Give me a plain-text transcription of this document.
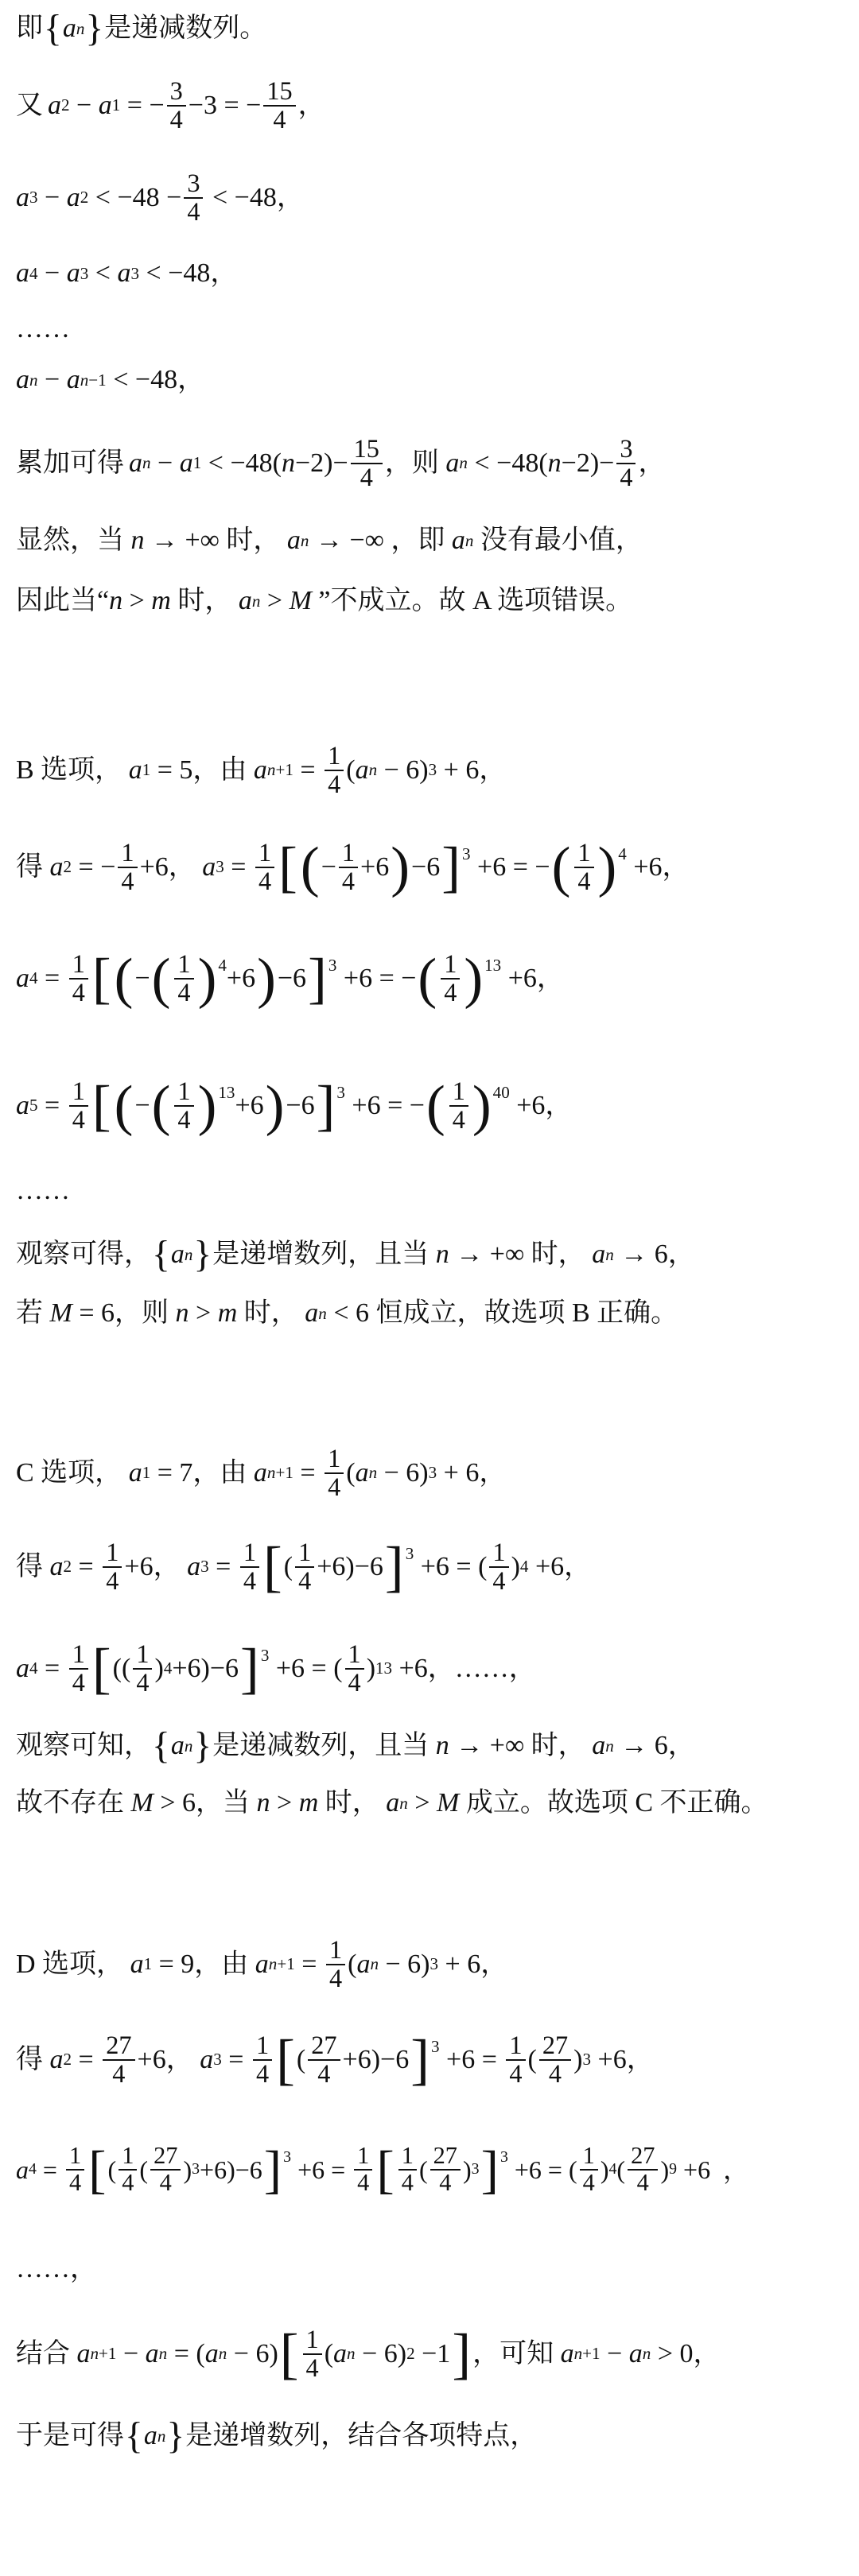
即 { a n } 是递减数列。
又 a 2 − a 1 = − $\frac{3}{4} -3$ = − $\frac{15}{4}$ ，
a 3 − a $2 < -48 - \frac{3}{4} < -48$，
a 4 − a 3 < a 3 < −48，
……
a n − a n−1 < −48，
累加可得 a n − a $1 < -48(n-2)- \frac{15}{4}$ ，则 a $n < -48(n-2)- \frac{3}{4}$ ，
显然，当 n → +∞ 时， a n → −∞ ，即 a n 没有最小值，
因此当“ n > m 时， a n > M ”不成立。故 A 选项错误。
B 选项， a 1 = 5，由 a $n+1 = \frac{1}{4} (a$ n − 6) 3 + 6，
得 a 2 = − $\frac{1}{4} +6$， a $3 = \frac{1}{4}$ [ ( − $\frac{1}{4} +6$ ) −6 ] 3 +6 = − ( $\frac{1}{4}$ ) 4 +6，
a $4 = \frac{1}{4}$ [ ( − ( $\frac{1}{4}$ ) 4 +6 ) −6 ] 3 +6 = − ( $\frac{1}{4}$ ) 13 +6，
a $5 = \frac{1}{4}$ [ ( − ( $\frac{1}{4}$ ) 13 +6 ) −6 ] 3 +6 = − ( $\frac{1}{4}$ ) 40 +6，
……
观察可得， { a n } 是递增数列，且当 n → +∞ 时， a n → 6，
若 M = 6，则 n > m 时， a n < 6 恒成立，故选项 B 正确。
C 选项， a 1 = 7，由 a $n+1 = \frac{1}{4} (a$ n − 6) 3 + 6，
得 a $2 = \frac{1}{4} +6$， a $3 = \frac{1}{4}$ [ ( $\frac{1}{4} +6)-6$ ] 3 +6 = ( $\frac{1}{4}$ ) 4 +6，
a $4 = \frac{1}{4}$ [ (( $\frac{1}{4}$ ) 4 +6)−6 ] 3 +6 = ( $\frac{1}{4}$ ) 13 +6，……，
观察可知， { a n } 是递减数列，且当 n → +∞ 时， a n → 6，
故不存在 M > 6，当 n > m 时， a n > M 成立。故选项 C 不正确。
D 选项， a 1 = 9，由 a $n+1 = \frac{1}{4} (a$ n − 6) 3 + 6，
得 a $2 = \frac{27}{4} +6$， a $3 = \frac{1}{4}$ [ ( $\frac{27}{4} +6)-6$ ] $3 +6 = \frac{1}{4}$ ( $\frac{27}{4}$ ) 3 +6，
a $4 = \frac{1}{4}$ [ ( $\frac{1}{4}$ ( $\frac{27}{4}$ ) 3 +6)−6 ] $3 +6 = \frac{1}{4}$ [ $\frac{1}{4}$ ( $\frac{27}{4}$ ) 3 ] 3 +6 = ( $\frac{1}{4}$ ) 4 ( $\frac{27}{4}$ ) 9 +6  ，
……，
结合 a n+1 − a n = (a n − 6) [ $\frac{1}{4} (a$ n − 6) 2 −1 ] ，可知 a n+1 − a n > 0，
于是可得 { a n } 是递增数列，结合各项特点，
